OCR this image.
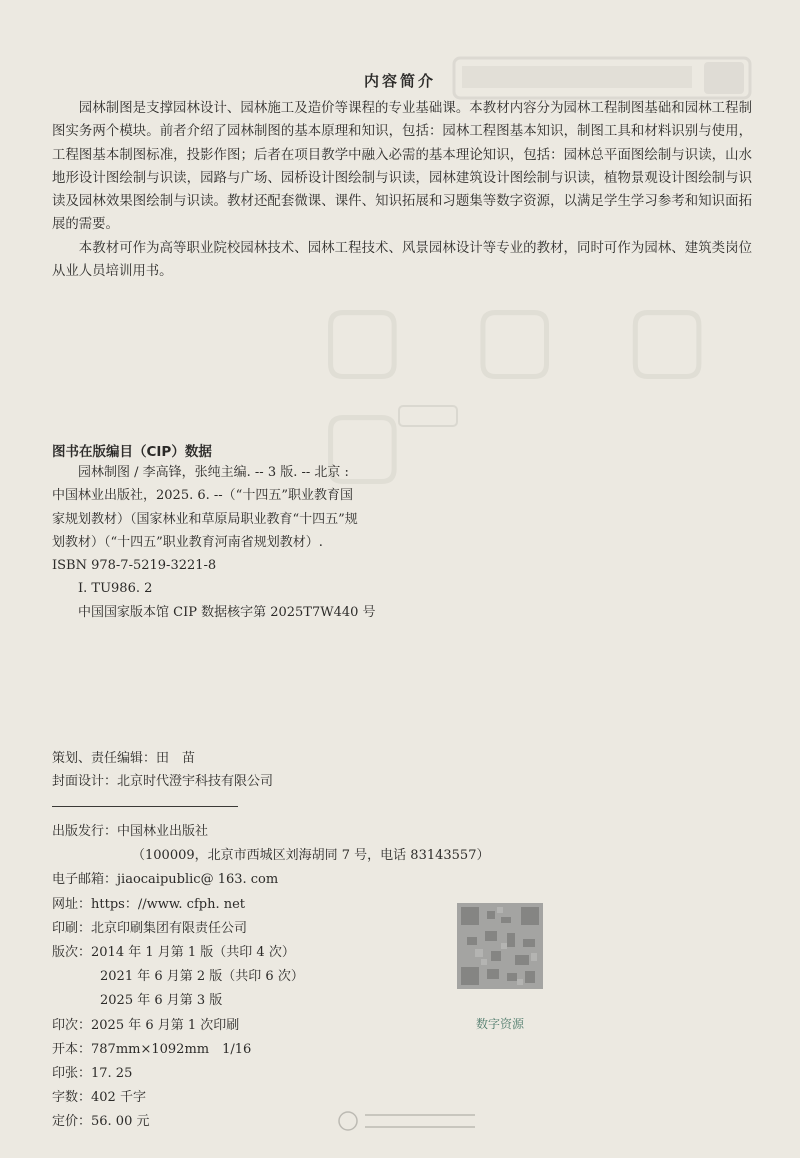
▢ ▢ ▢ ▢
内容简介

园林制图是支撑园林设计、园林施工及造价等课程的专业基础课。本教材内容分为园林工程制图基础和园林工程制图实务两个模块。前者介绍了园林制图的基本原理和知识，包括：园林工程图基本知识，制图工具和材料识别与使用，工程图基本制图标准，投影作图；后者在项目教学中融入必需的基本理论知识，包括：园林总平面图绘制与识读，山水地形设计图绘制与识读，园路与广场、园桥设计图绘制与识读，园林建筑设计图绘制与识读，植物景观设计图绘制与识读及园林效果图绘制与识读。教材还配套微课、课件、知识拓展和习题集等数字资源，以满足学生学习参考和知识面拓展的需要。

本教材可作为高等职业院校园林技术、园林工程技术、风景园林设计等专业的教材，同时可作为园林、建筑类岗位从业人员培训用书。

图书在版编目（CIP）数据
园林制图 / 李高锋，张纯主编. -- 3 版. -- 北京 :
中国林业出版社，2025. 6. --（“十四五”职业教育国
家规划教材）（国家林业和草原局职业教育“十四五”规
划教材）（“十四五”职业教育河南省规划教材）.
ISBN 978-7-5219-3221-8
Ⅰ. TU986. 2
中国国家版本馆 CIP 数据核字第 2025T7W440 号
策划、责任编辑：田　苗
封面设计：北京时代澄宇科技有限公司
出版发行：中国林业出版社
（100009，北京市西城区刘海胡同 7 号，电话 83143557）
电子邮箱：jiaocaipublic@ 163. com
网址：https：//www. cfph. net
印刷：北京印刷集团有限责任公司
版次：2014 年 1 月第 1 版（共印 4 次）
2021 年 6 月第 2 版（共印 6 次）
2025 年 6 月第 3 版
印次：2025 年 6 月第 1 次印刷
开本：787mm×1092mm　1/16
印张：17. 25
字数：402 千字
定价：56. 00 元
数字资源
